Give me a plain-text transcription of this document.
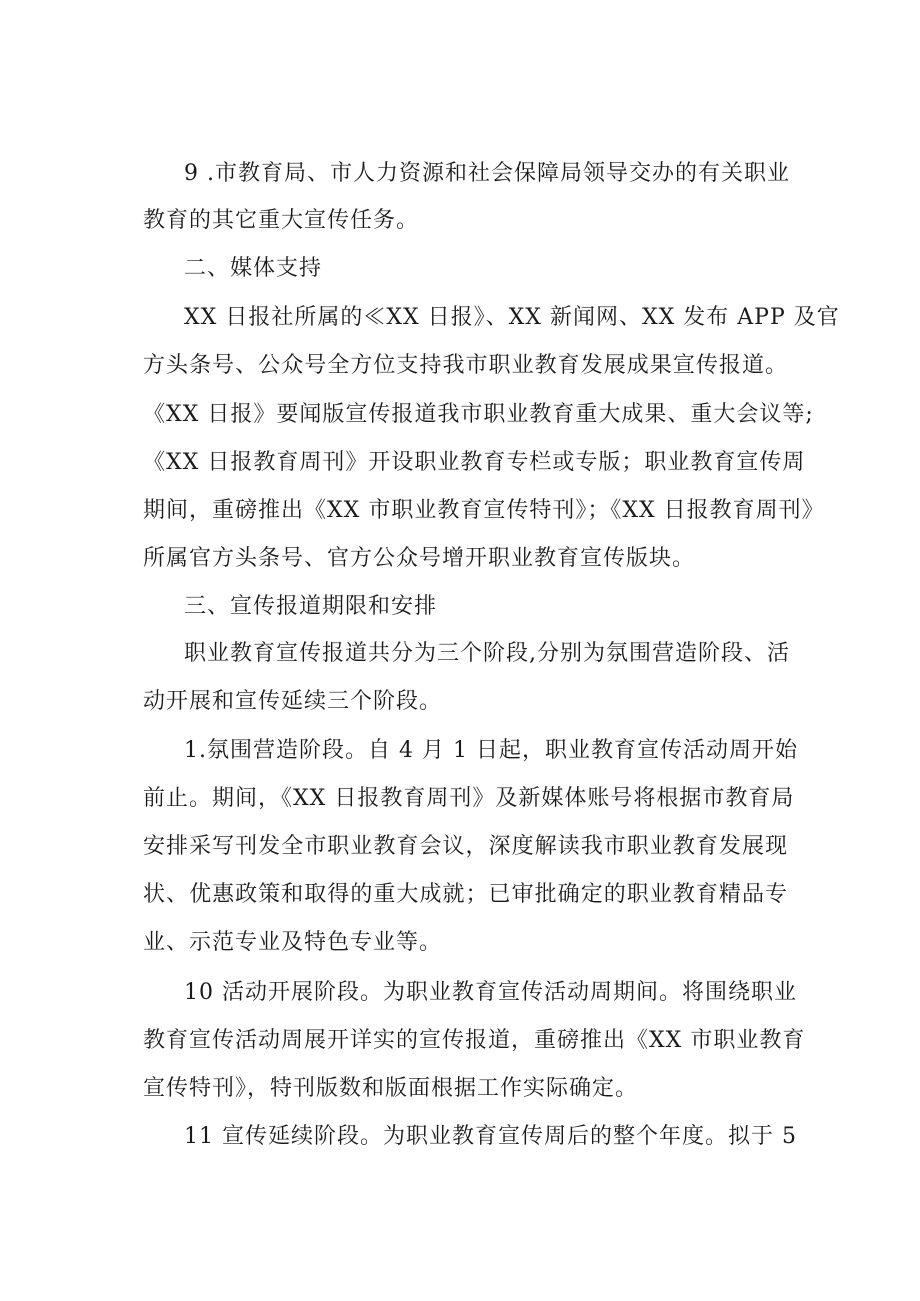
9 .市教育局、市人力资源和社会保障局领导交办的有关职业
教育的其它重大宣传任务。
二、媒体支持
XX 日报社所属的≪XX 日报》、XX 新闻网、XX 发布 APP 及官
方头条号、公众号全方位支持我市职业教育发展成果宣传报道。
《XX 日报》要闻版宣传报道我市职业教育重大成果、重大会议等;
《XX 日报教育周刊》开设职业教育专栏或专版；职业教育宣传周
期间，重磅推出《XX 市职业教育宣传特刊》；《XX 日报教育周刊》
所属官方头条号、官方公众号增开职业教育宣传版块。
三、宣传报道期限和安排
职业教育宣传报道共分为三个阶段,分别为氛围营造阶段、活
动开展和宣传延续三个阶段。
1.氛围营造阶段。自 4 月 1 日起，职业教育宣传活动周开始
前止。期间，《XX 日报教育周刊》及新媒体账号将根据市教育局
安排采写刊发全市职业教育会议，深度解读我市职业教育发展现
状、优惠政策和取得的重大成就；已审批确定的职业教育精品专
业、示范专业及特色专业等。
10 活动开展阶段。为职业教育宣传活动周期间。将围绕职业
教育宣传活动周展开详实的宣传报道，重磅推出《XX 市职业教育
宣传特刊》，特刊版数和版面根据工作实际确定。
11 宣传延续阶段。为职业教育宣传周后的整个年度。拟于 5
